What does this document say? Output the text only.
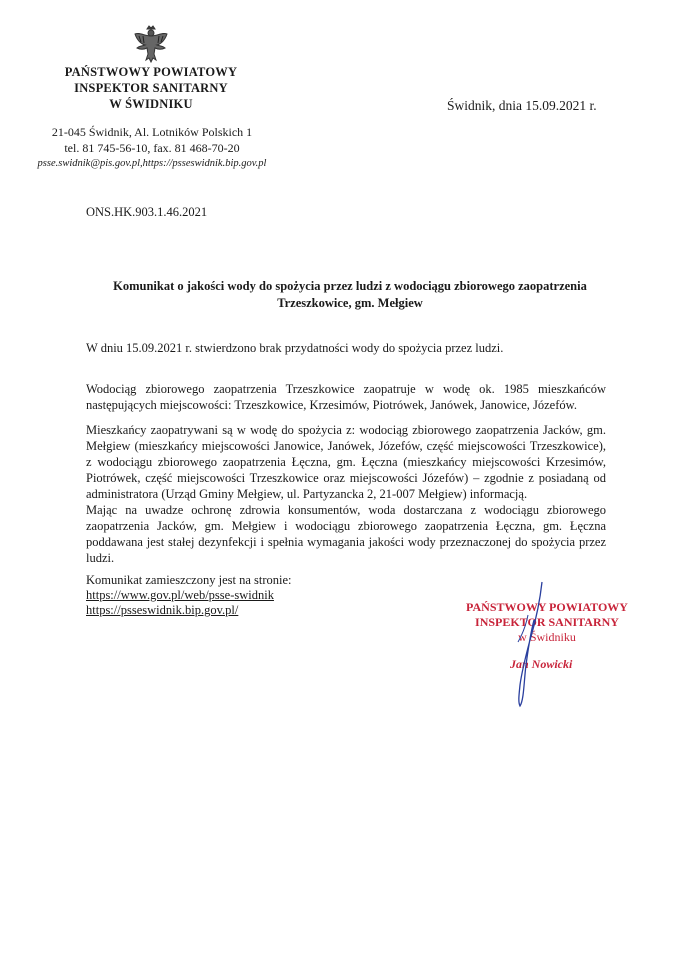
PAŃSTWOWY POWIATOWY
INSPEKTOR SANITARNY
W ŚWIDNIKU	Świdnik, dnia 15.09.2021 r.
21-045 Świdnik, Al. Lotników Polskich 1
tel. 81 745-56-10, fax. 81 468-70-20
psse.swidnik@pis.gov.pl,https://psseswidnik.bip.gov.pl
ONS.HK.903.1.46.2021
Komunikat o jakości wody do spożycia przez ludzi z wodociągu zbiorowego zaopatrzenia
Trzeszkowice, gm. Mełgiew
W dniu 15.09.2021 r. stwierdzono brak przydatności wody do spożycia przez ludzi.
Wodociąg zbiorowego zaopatrzenia Trzeszkowice zaopatruje w wodę ok. 1985 mieszkańców następujących miejscowości: Trzeszkowice, Krzesimów, Piotrówek, Janówek, Janowice, Józefów.
Mieszkańcy zaopatrywani są w wodę do spożycia z: wodociąg zbiorowego zaopatrzenia Jacków, gm. Mełgiew (mieszkańcy miejscowości Janowice, Janówek, Józefów, część miejscowości Trzeszkowice), z wodociągu zbiorowego zaopatrzenia Łęczna, gm. Łęczna (mieszkańcy miejscowości Krzesimów, Piotrówek, część miejscowości Trzeszkowice oraz miejscowości Józefów) – zgodnie z posiadaną od administratora (Urząd Gminy Mełgiew, ul. Partyzancka 2, 21-007 Mełgiew) informacją.
Mając na uwadze ochronę zdrowia konsumentów, woda dostarczana z wodociągu zbiorowego zaopatrzenia Jacków, gm. Mełgiew i wodociągu zbiorowego zaopatrzenia Łęczna, gm. Łęczna poddawana jest stałej dezynfekcji i spełnia wymagania jakości wody przeznaczonej do spożycia przez ludzi.
Komunikat zamieszczony jest na stronie:
https://www.gov.pl/web/psse-swidnik
https://psseswidnik.bip.gov.pl/	PAŃSTWOWY POWIATOWY
INSPEKTOR SANITARNY
w Świdniku
Jan Nowicki
